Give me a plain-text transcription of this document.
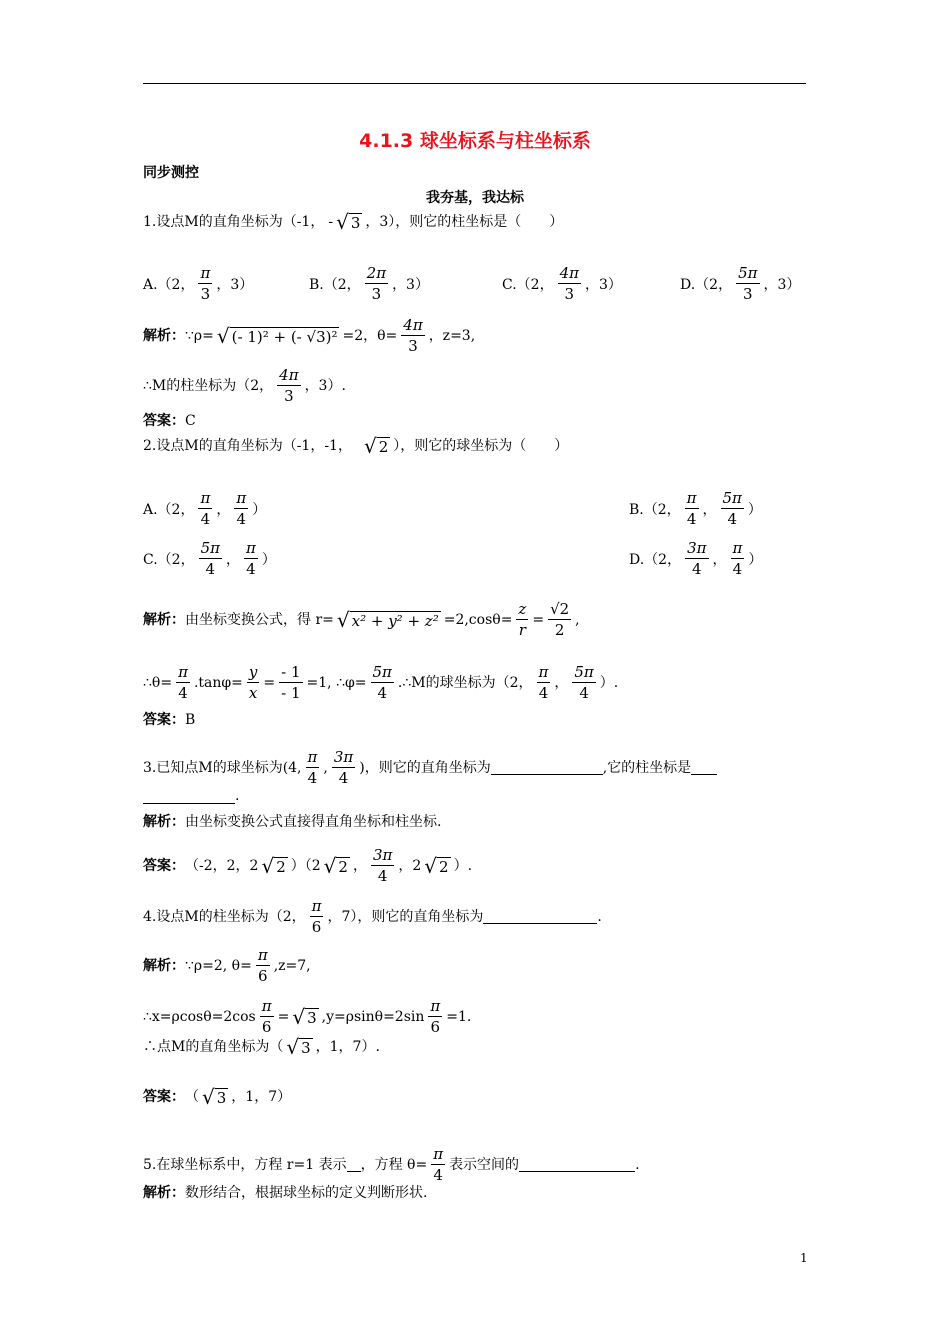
4.1.3 球坐标系与柱坐标系
同步测控
我夯基，我达标
1.设点M的直角坐标为（-1， - √ 3 ，3），则它的柱坐标是（　　）
A.（2， $\frac{\pi}{3}$ ，3）	B.（2， $\frac{2\pi}{3}$ ，3）	C.（2， $\frac{4\pi}{3}$ ，3）	D.（2， $\frac{5\pi}{3}$ ，3）
解析： ∵ρ= √ (- 1)² + (- √3)² =2，$\theta= \frac{4\pi}{3}$ ，z=3,
∴M的柱坐标为（2， $\frac{4\pi}{3}$ ，3）.
答案： C
2.设点M的直角坐标为（-1，-1， √ 2 ），则它的球坐标为（　　）
A.（2， $\frac{\pi}{4}$ ， $\frac{\pi}{4}$ ）	B.（2， $\frac{\pi}{4}$ ， $\frac{5\pi}{4}$ ）
C.（2， $\frac{5\pi}{4}$ ， $\frac{\pi}{4}$ ）	D.（2， $\frac{3\pi}{4}$ ， $\frac{\pi}{4}$ ）
解析： 由坐标变换公式，得 r= √ $x^2 + y^2 + z^2 =2,\cos\theta= \frac{z}{r} = \frac{√2}{2}$ ,
∴θ= $\frac{\pi}{4} .\tan\varphi= \frac{y}{x} = \frac{- 1}{- 1} =1$, ∴φ= $\frac{5\pi}{4}$ .∴M的球坐标为（2， $\frac{\pi}{4}$ ， $\frac{5\pi}{4}$ ）.
答案： B
3.已知点M的球坐标为(4, $\frac{\pi}{4}$ , $\frac{3\pi}{4}$ )，则它的直角坐标为	,它的柱坐标是
.
解析： 由坐标变换公式直接得直角坐标和柱坐标.
答案： （-2，2，2 √ 2 ）（2 √ 2 ， $\frac{3\pi}{4}$ ，2 √ 2 ）.
4.设点M的柱坐标为（2， $\frac{\pi}{6}$ ，7），则它的直角坐标为	.
解析： ∵ρ=2, $\theta= \frac{\pi}{6} ,z=7$,
∴x=ρcosθ=2cos $\frac{\pi}{6}$ = √ 3 $,y=\rho\sin\theta=2\sin \frac{\pi}{6} =1$.
∴点M的直角坐标为（ √ 3 ，1，7）.
答案： （ √ 3 ，1，7）
5.在球坐标系中，方程 r=1 表示 ，方程 $\theta= \frac{\pi}{4}$ 表示空间的	.
解析： 数形结合，根据球坐标的定义判断形状.
1
